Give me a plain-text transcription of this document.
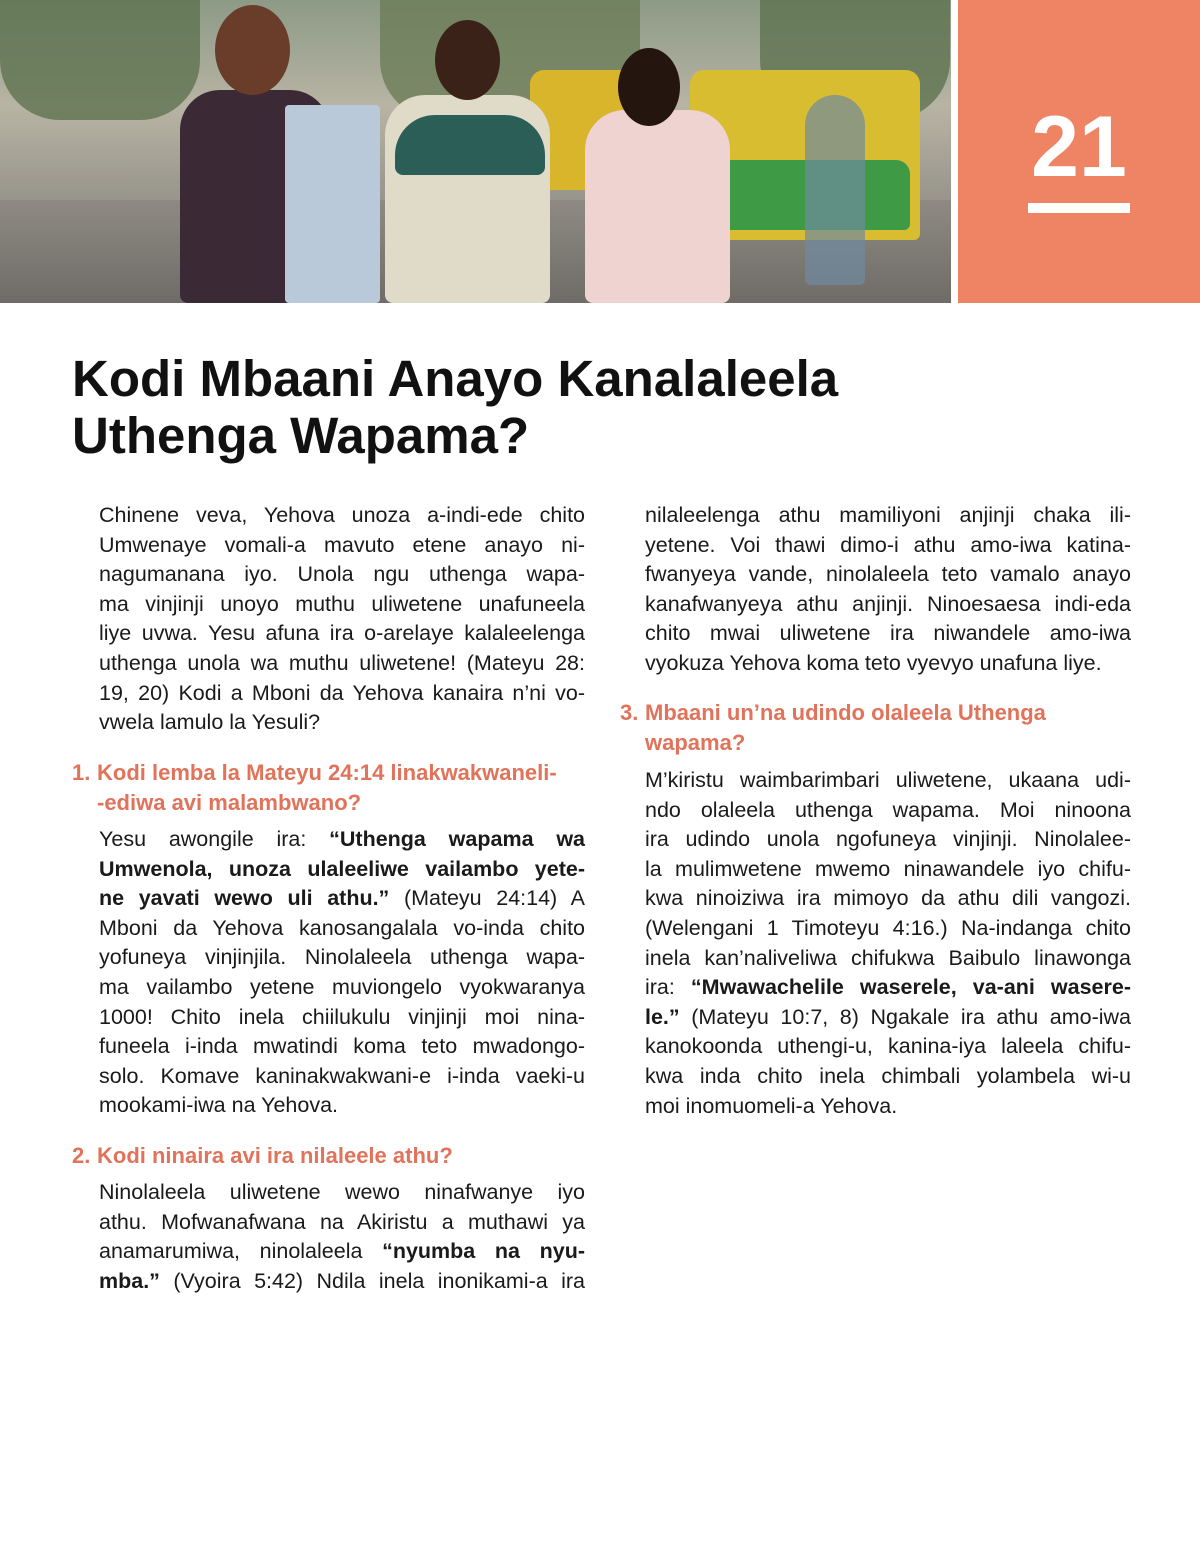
21
Kodi Mbaani Anayo Kanalaleela
Uthenga Wapama?
Chinene veva, Yehova unoza a-indi-ede chito
Umwenaye vomali-a mavuto etene anayo ni-
nagumanana iyo. Unola ngu uthenga wapa-
ma vinjinji unoyo muthu uliwetene unafuneela
liye uvwa. Yesu afuna ira o-arelaye kalaleelenga
uthenga unola wa muthu uliwetene! (Mateyu 28:
19, 20) Kodi a Mboni da Yehova kanaira n’ni vo-
vwela lamulo la Yesuli?
1. Kodi lemba la Mateyu 24:14 linakwakwaneli-
-ediwa avi malambwano?
Yesu awongile ira: “Uthenga wapama wa
Umwenola, unoza ulaleeliwe vailambo yete-
ne yavati wewo uli athu.” (Mateyu 24:14) A
Mboni da Yehova kanosangalala vo-inda chito
yofuneya vinjinjila. Ninolaleela uthenga wapa-
ma vailambo yetene muviongelo vyokwaranya
1000! Chito inela chiilukulu vinjinji moi nina-
funeela i-inda mwatindi koma teto mwadongo-
solo. Komave kaninakwakwani-e i-inda vaeki-u
mookami-iwa na Yehova.
2. Kodi ninaira avi ira nilaleele athu?
Ninolaleela uliwetene wewo ninafwanye iyo
athu. Mofwanafwana na Akiristu a muthawi ya
anamarumiwa, ninolaleela “nyumba na nyu-
mba.” (Vyoira 5:42) Ndila inela inonikami-a ira
nilaleelenga athu mamiliyoni anjinji chaka ili-
yetene. Voi thawi dimo-i athu amo-iwa katina-
fwanyeya vande, ninolaleela teto vamalo anayo
kanafwanyeya athu anjinji. Ninoesaesa indi-eda
chito mwai uliwetene ira niwandele amo-iwa
vyokuza Yehova koma teto vyevyo unafuna liye.
3. Mbaani un’na udindo olaleela Uthenga
wapama?
M’kiristu waimbarimbari uliwetene, ukaana udi-
ndo olaleela uthenga wapama. Moi ninoona
ira udindo unola ngofuneya vinjinji. Ninolalee-
la mulimwetene mwemo ninawandele iyo chifu-
kwa ninoiziwa ira mimoyo da athu dili vangozi.
(Welengani 1 Timoteyu 4:16.) Na-indanga chito
inela kan’naliveliwa chifukwa Baibulo linawonga
ira: “Mwawachelile waserele, va-ani wasere-
le.” (Mateyu 10:7, 8) Ngakale ira athu amo-iwa
kanokoonda uthengi-u, kanina-iya laleela chifu-
kwa inda chito inela chimbali yolambela wi-u
moi inomuomeli-a Yehova.
